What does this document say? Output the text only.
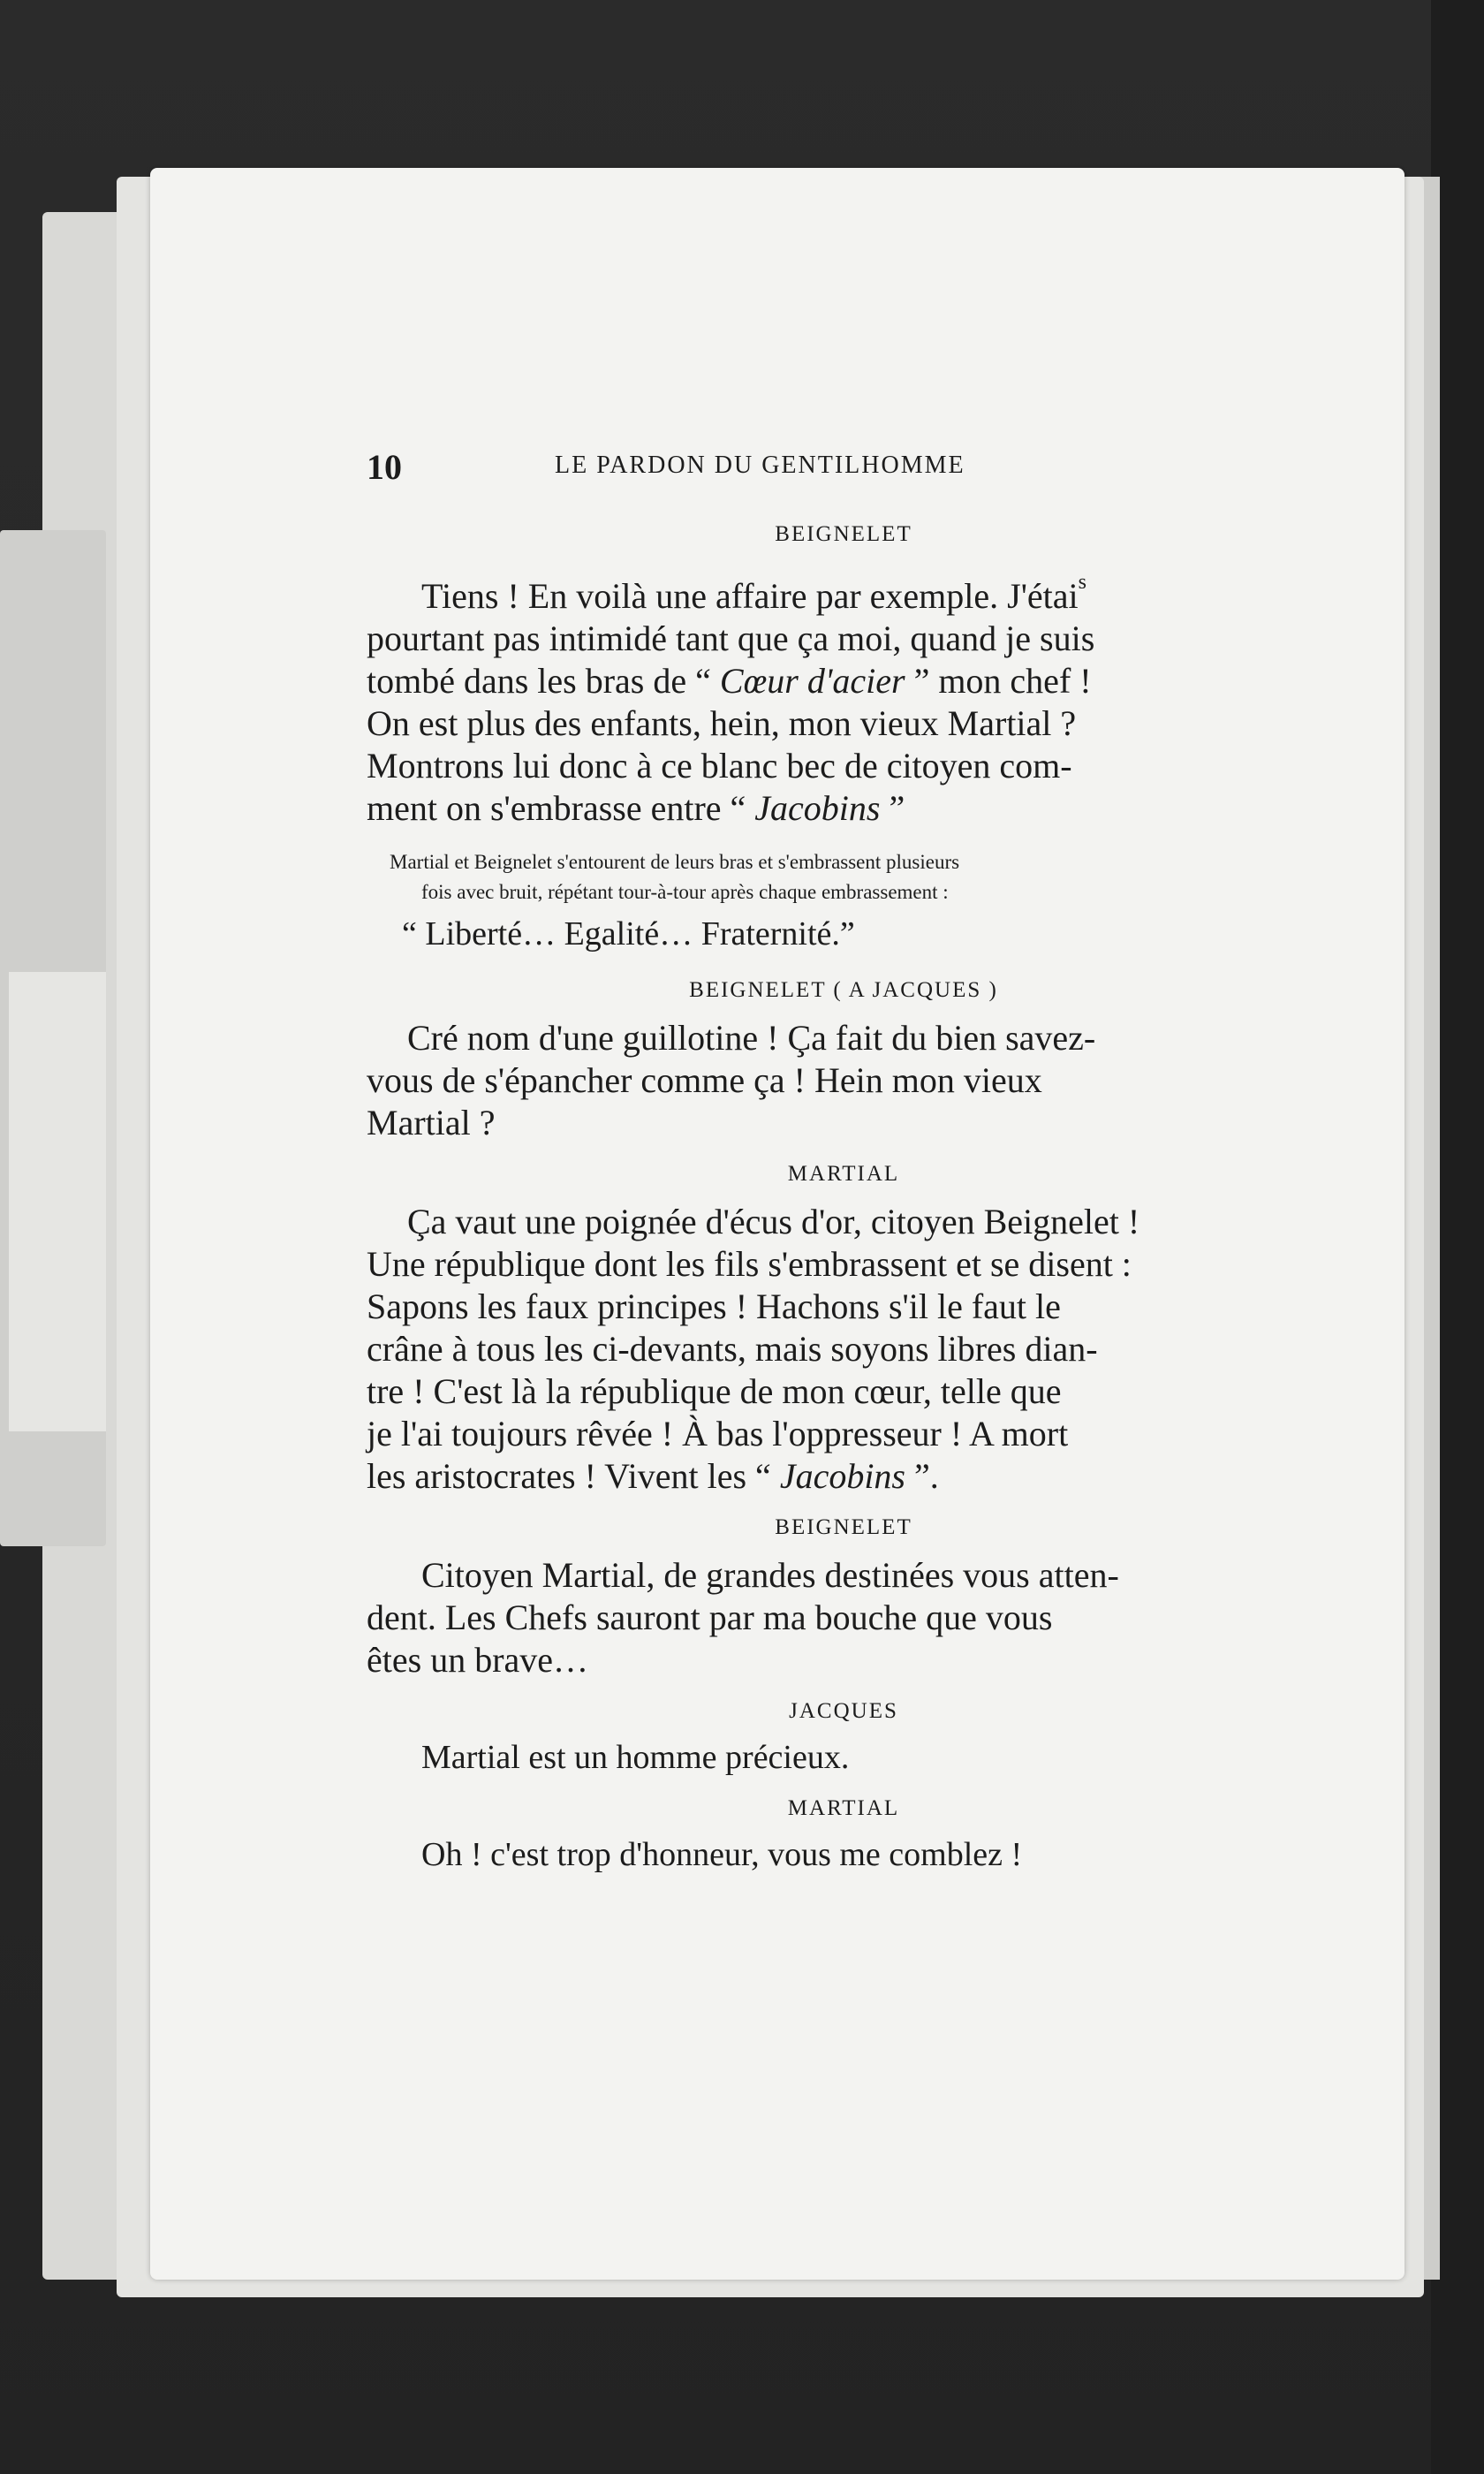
10	LE PARDON DU GENTILHOMME
BEIGNELET
Tiens ! En voilà une affaire par exemple. J'étai$^s$
pourtant pas intimidé tant que ça moi, quand je suis
tombé dans les bras de “ Cœur d'acier ” mon chef !
On est plus des enfants, hein, mon vieux Martial ?
Montrons lui donc à ce blanc bec de citoyen com-
ment on s'embrasse entre “ Jacobins ”
Martial et Beignelet s'entourent de leurs bras et s'embrassent plusieurs
fois avec bruit, répétant tour-à-tour après chaque embrassement :
“ Liberté… Egalité… Fraternité.”
BEIGNELET ( A JACQUES )
Cré nom d'une guillotine ! Ça fait du bien savez-
vous de s'épancher comme ça ! Hein mon vieux
Martial ?
MARTIAL
Ça vaut une poignée d'écus d'or, citoyen Beignelet !
Une république dont les fils s'embrassent et se disent :
Sapons les faux principes ! Hachons s'il le faut le
crâne à tous les ci-devants, mais soyons libres dian-
tre ! C'est là la république de mon cœur, telle que
je l'ai toujours rêvée ! À bas l'oppresseur ! A mort
les aristocrates ! Vivent les “ Jacobins ”.
BEIGNELET
Citoyen Martial, de grandes destinées vous atten-
dent. Les Chefs sauront par ma bouche que vous
êtes un brave…
JACQUES
Martial est un homme précieux.
MARTIAL
Oh ! c'est trop d'honneur, vous me comblez !
